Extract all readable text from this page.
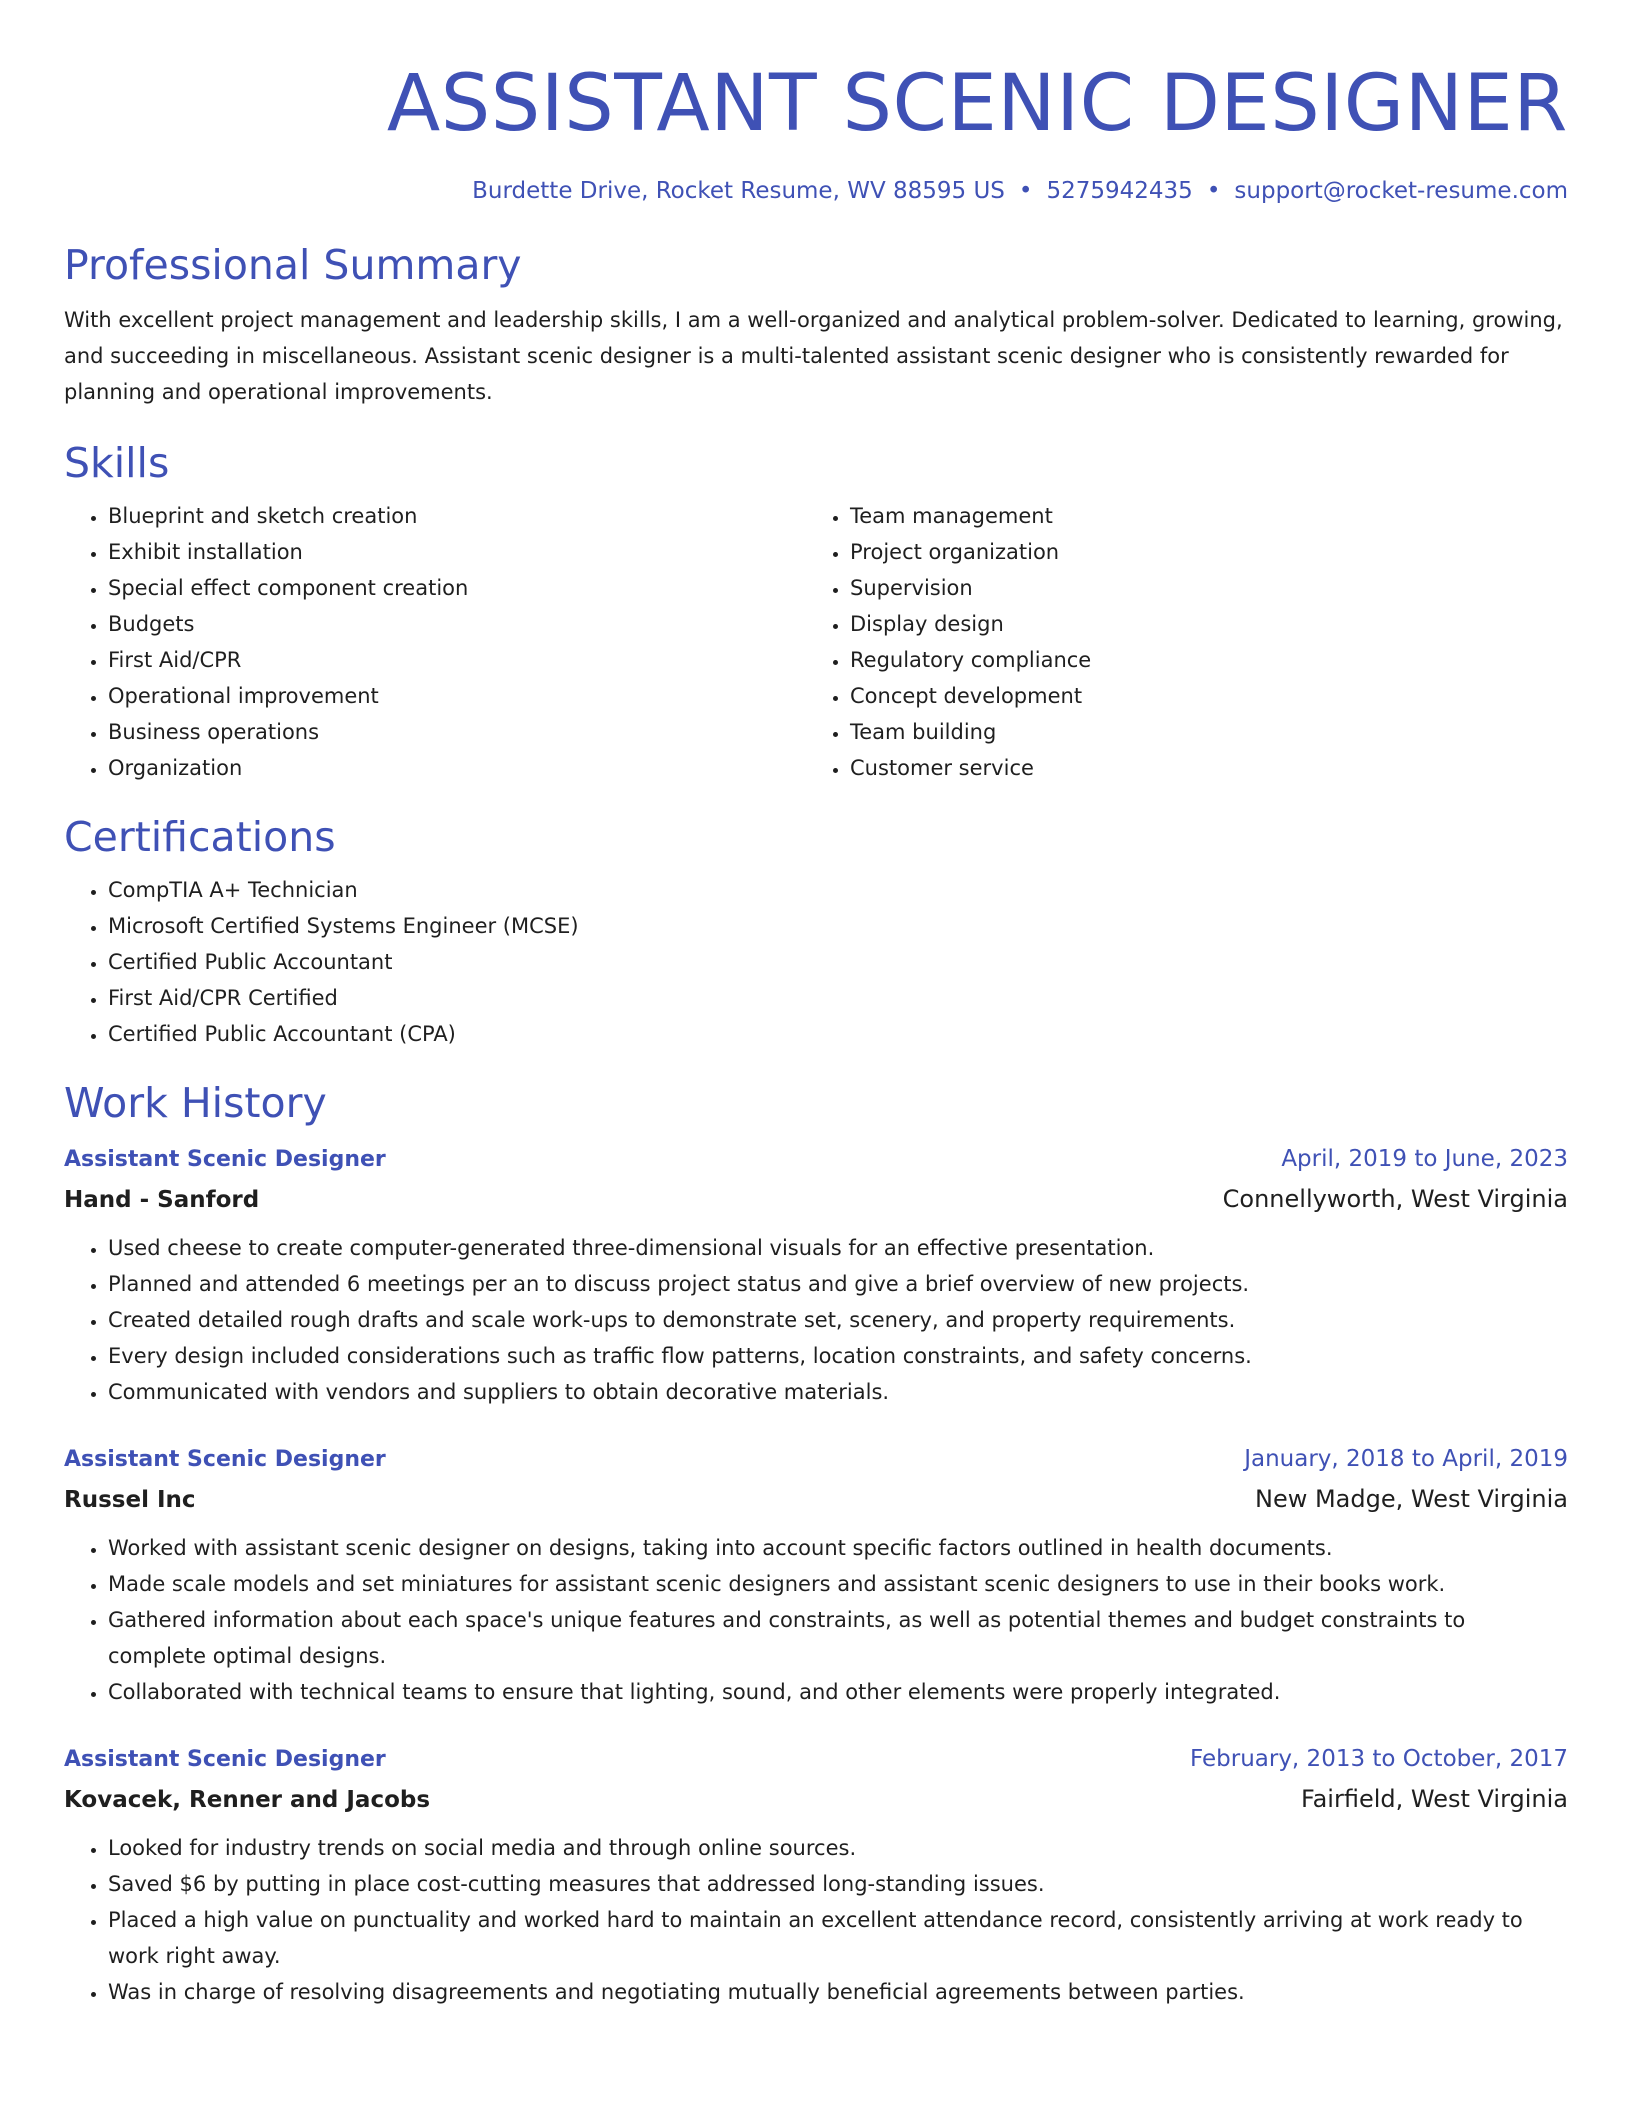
ASSISTANT SCENIC DESIGNER
Burdette Drive, Rocket Resume, WV 88595 US • 5275942435 • support@rocket-resume.com
Professional Summary

With excellent project management and leadership skills, I am a well-organized and analytical problem-solver. Dedicated to learning, growing, and succeeding in miscellaneous. Assistant scenic designer is a multi-talented assistant scenic designer who is consistently rewarded for planning and operational improvements.

Skills
• Blueprint and sketch creation
• Exhibit installation
• Special effect component creation
• Budgets
• First Aid/CPR
• Operational improvement
• Business operations
• Organization
• Team management
• Project organization
• Supervision
• Display design
• Regulatory compliance
• Concept development
• Team building
• Customer service
Certifications
• CompTIA A+ Technician
• Microsoft Certified Systems Engineer (MCSE)
• Certified Public Accountant
• First Aid/CPR Certified
• Certified Public Accountant (CPA)
Work History
Assistant Scenic Designer	April, 2019 to June, 2023
Hand - Sanford	Connellyworth, West Virginia
• Used cheese to create computer-generated three-dimensional visuals for an effective presentation.
• Planned and attended 6 meetings per an to discuss project status and give a brief overview of new projects.
• Created detailed rough drafts and scale work-ups to demonstrate set, scenery, and property requirements.
• Every design included considerations such as traffic flow patterns, location constraints, and safety concerns.
• Communicated with vendors and suppliers to obtain decorative materials.
Assistant Scenic Designer	January, 2018 to April, 2019
Russel Inc	New Madge, West Virginia
• Worked with assistant scenic designer on designs, taking into account specific factors outlined in health documents.
• Made scale models and set miniatures for assistant scenic designers and assistant scenic designers to use in their books work.
• Gathered information about each space's unique features and constraints, as well as potential themes and budget constraints to complete optimal designs.
• Collaborated with technical teams to ensure that lighting, sound, and other elements were properly integrated.
Assistant Scenic Designer	February, 2013 to October, 2017
Kovacek, Renner and Jacobs	Fairfield, West Virginia
• Looked for industry trends on social media and through online sources.
• Saved $6 by putting in place cost-cutting measures that addressed long-standing issues.
• Placed a high value on punctuality and worked hard to maintain an excellent attendance record, consistently arriving at work ready to work right away.
• Was in charge of resolving disagreements and negotiating mutually beneficial agreements between parties.
